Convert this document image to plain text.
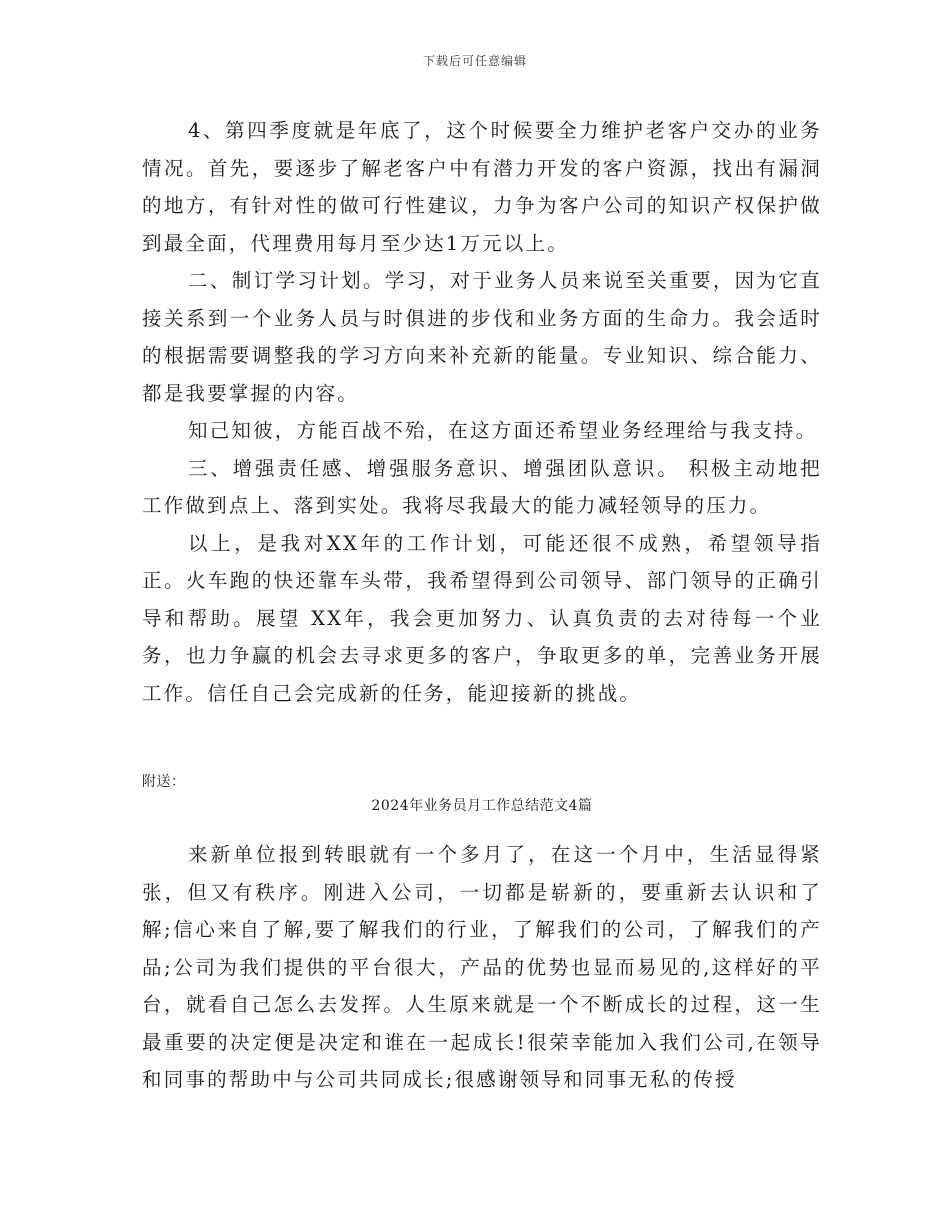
下载后可任意编辑

4、第四季度就是年底了，这个时候要全力维护老客户交办的业务情况。首先，要逐步了解老客户中有潜力开发的客户资源，找出有漏洞的地方，有针对性的做可行性建议，力争为客户公司的知识产权保护做到最全面，代理费用每月至少达1万元以上。

二、制订学习计划。学习，对于业务人员来说至关重要，因为它直接关系到一个业务人员与时俱进的步伐和业务方面的生命力。我会适时的根据需要调整我的学习方向来补充新的能量。专业知识、综合能力、都是我要掌握的内容。

知己知彼，方能百战不殆，在这方面还希望业务经理给与我支持。

三、增强责任感、增强服务意识、增强团队意识。 积极主动地把工作做到点上、落到实处。我将尽我最大的能力减轻领导的压力。

以上，是我对XX年的工作计划，可能还很不成熟，希望领导指正。火车跑的快还靠车头带，我希望得到公司领导、部门领导的正确引导和帮助。展望 XX年，我会更加努力、认真负责的去对待每一个业务，也力争赢的机会去寻求更多的客户，争取更多的单，完善业务开展工作。信任自己会完成新的任务，能迎接新的挑战。

附送：
2024年业务员月工作总结范文4篇

来新单位报到转眼就有一个多月了，在这一个月中，生活显得紧张，但又有秩序。刚进入公司，一切都是崭新的，要重新去认识和了解;信心来自了解,要了解我们的行业，了解我们的公司，了解我们的产品;公司为我们提供的平台很大，产品的优势也显而易见的,这样好的平台，就看自己怎么去发挥。人生原来就是一个不断成长的过程，这一生最重要的决定便是决定和谁在一起成长!很荣幸能加入我们公司,在领导和同事的帮助中与公司共同成长;很感谢领导和同事无私的传授
